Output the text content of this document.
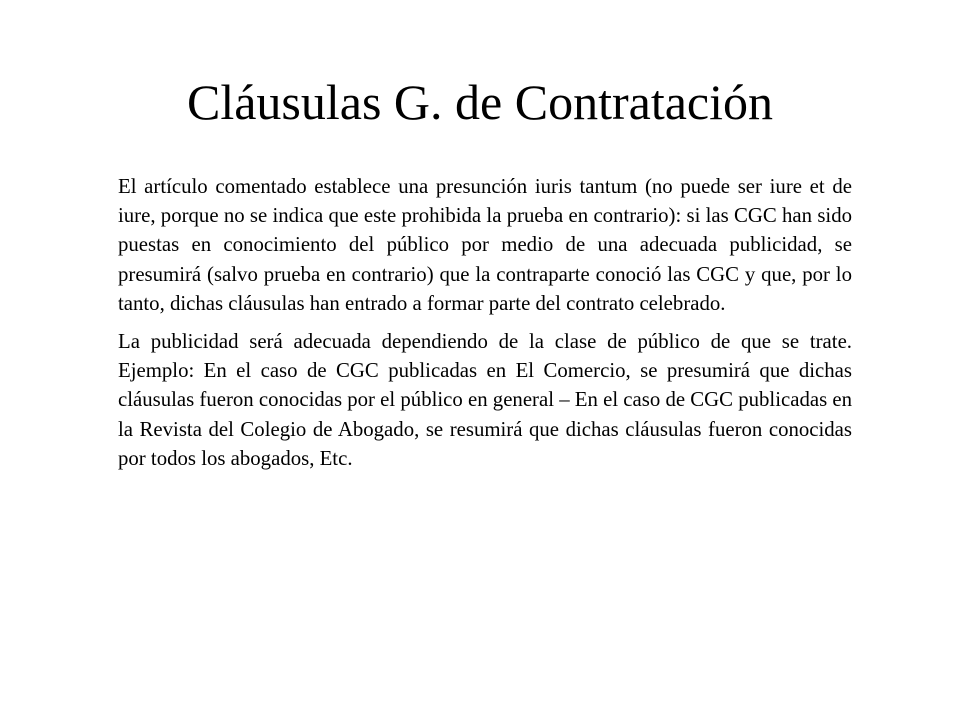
Cláusulas G. de Contratación

El artículo comentado establece una presunción iuris tantum (no puede ser iure et de iure, porque no se indica que este prohibida la prueba en contrario): si las CGC han sido puestas en conocimiento del público por medio de una adecuada publicidad, se presumirá (salvo prueba en contrario) que la contraparte conoció las CGC y que, por lo tanto, dichas cláusulas han entrado a formar parte del contrato celebrado.

La publicidad será adecuada dependiendo de la clase de público de que se trate. Ejemplo: En el caso de CGC publicadas en El Comercio, se presumirá que dichas cláusulas fueron conocidas por el público en general – En el caso de CGC publicadas en la Revista del Colegio de Abogado, se resumirá que dichas cláusulas fueron conocidas por todos los abogados, Etc.
